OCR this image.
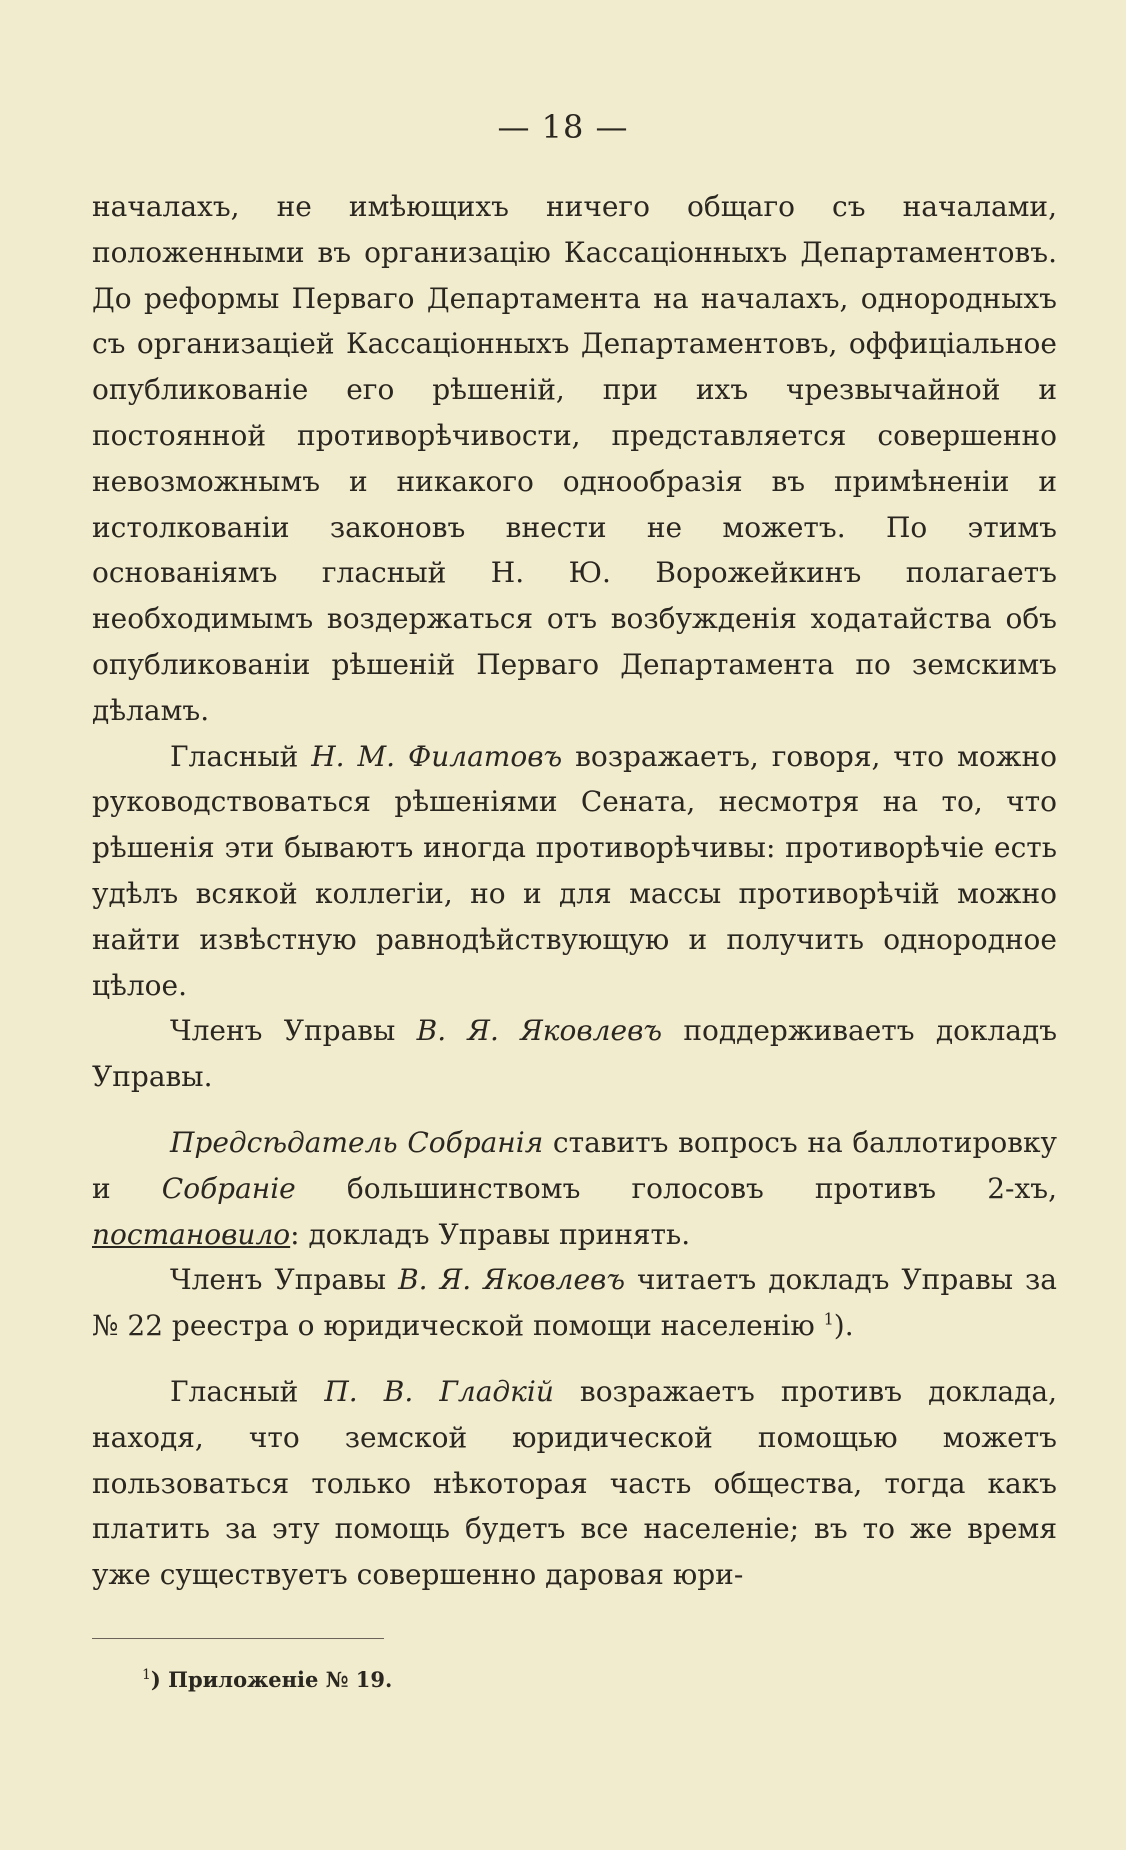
— 18 —

началахъ, не имѣющихъ ничего общаго съ началами, положенными въ организацію Кассаціонныхъ Департаментовъ. До реформы Перваго Департамента на началахъ, однородныхъ съ организаціей Кассаціонныхъ Департаментовъ, оффиціальное опубликованіе его рѣшеній, при ихъ чрезвычайной и постоянной противорѣчивости, представляется совершенно невозможнымъ и никакого однообразія въ примѣненіи и истолкованіи законовъ внести не можетъ. По этимъ основаніямъ гласный Н. Ю. Ворожейкинъ полагаетъ необходимымъ воздержаться отъ возбужденія ходатайства объ опубликованіи рѣшеній Перваго Департамента по земскимъ дѣламъ.

Гласный Н. М. Филатовъ возражаетъ, говоря, что можно руководствоваться рѣшеніями Сената, несмотря на то, что рѣшенія эти бываютъ иногда противорѣчивы: противорѣчіе есть удѣлъ всякой коллегіи, но и для массы противорѣчій можно найти извѣстную равнодѣйствующую и получить однородное цѣлое.

Членъ Управы В. Я. Яковлевъ поддерживаетъ докладъ Управы.

Предсѣдатель Собранія ставитъ вопросъ на баллотировку и Собраніе большинствомъ голосовъ противъ 2-хъ, постановило: докладъ Управы принять.

Членъ Управы В. Я. Яковлевъ читаетъ докладъ Управы за № 22 реестра о юридической помощи населенію $^1$).

Гласный П. В. Гладкій возражаетъ противъ доклада, находя, что земской юридической помощью можетъ пользоваться только нѣкоторая часть общества, тогда какъ платить за эту помощь будетъ все населеніе; въ то же время уже существуетъ совершенно даровая юри-

$^1$) Приложеніе № 19.
